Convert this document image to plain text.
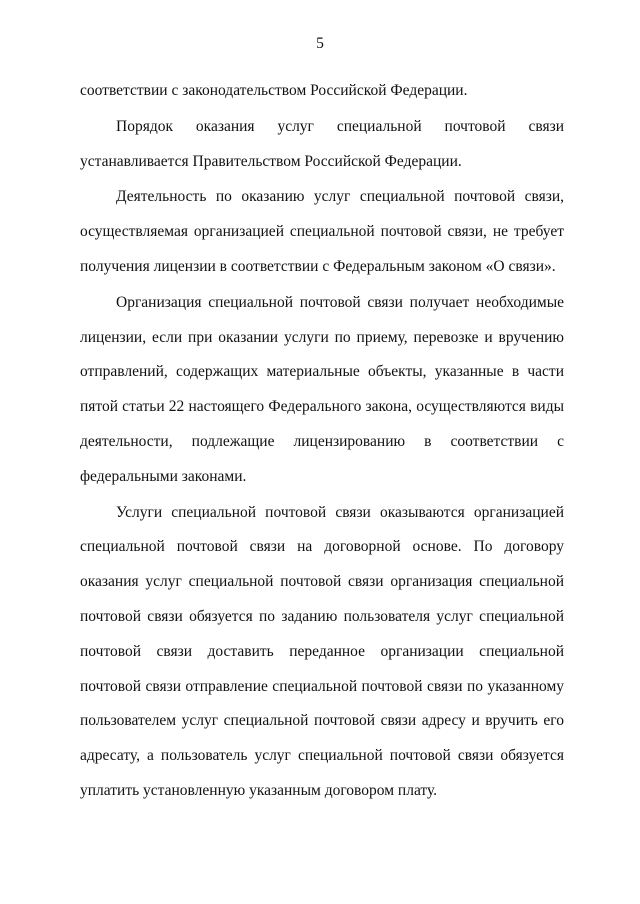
5

соответствии с законодательством Российской Федерации.

Порядок оказания услуг специальной почтовой связи устанавливается Правительством Российской Федерации.

Деятельность по оказанию услуг специальной почтовой связи, осуществляемая организацией специальной почтовой связи, не требует получения лицензии в соответствии с Федеральным законом «О связи».

Организация специальной почтовой связи получает необходимые лицензии, если при оказании услуги по приему, перевозке и вручению отправлений, содержащих материальные объекты, указанные в части пятой статьи 22 настоящего Федерального закона, осуществляются виды деятельности, подлежащие лицензированию в соответствии с федеральными законами.

Услуги специальной почтовой связи оказываются организацией специальной почтовой связи на договорной основе. По договору оказания услуг специальной почтовой связи организация специальной почтовой связи обязуется по заданию пользователя услуг специальной почтовой связи доставить переданное организации специальной почтовой связи отправление специальной почтовой связи по указанному пользователем услуг специальной почтовой связи адресу и вручить его адресату, а пользователь услуг специальной почтовой связи обязуется уплатить установленную указанным договором плату.
